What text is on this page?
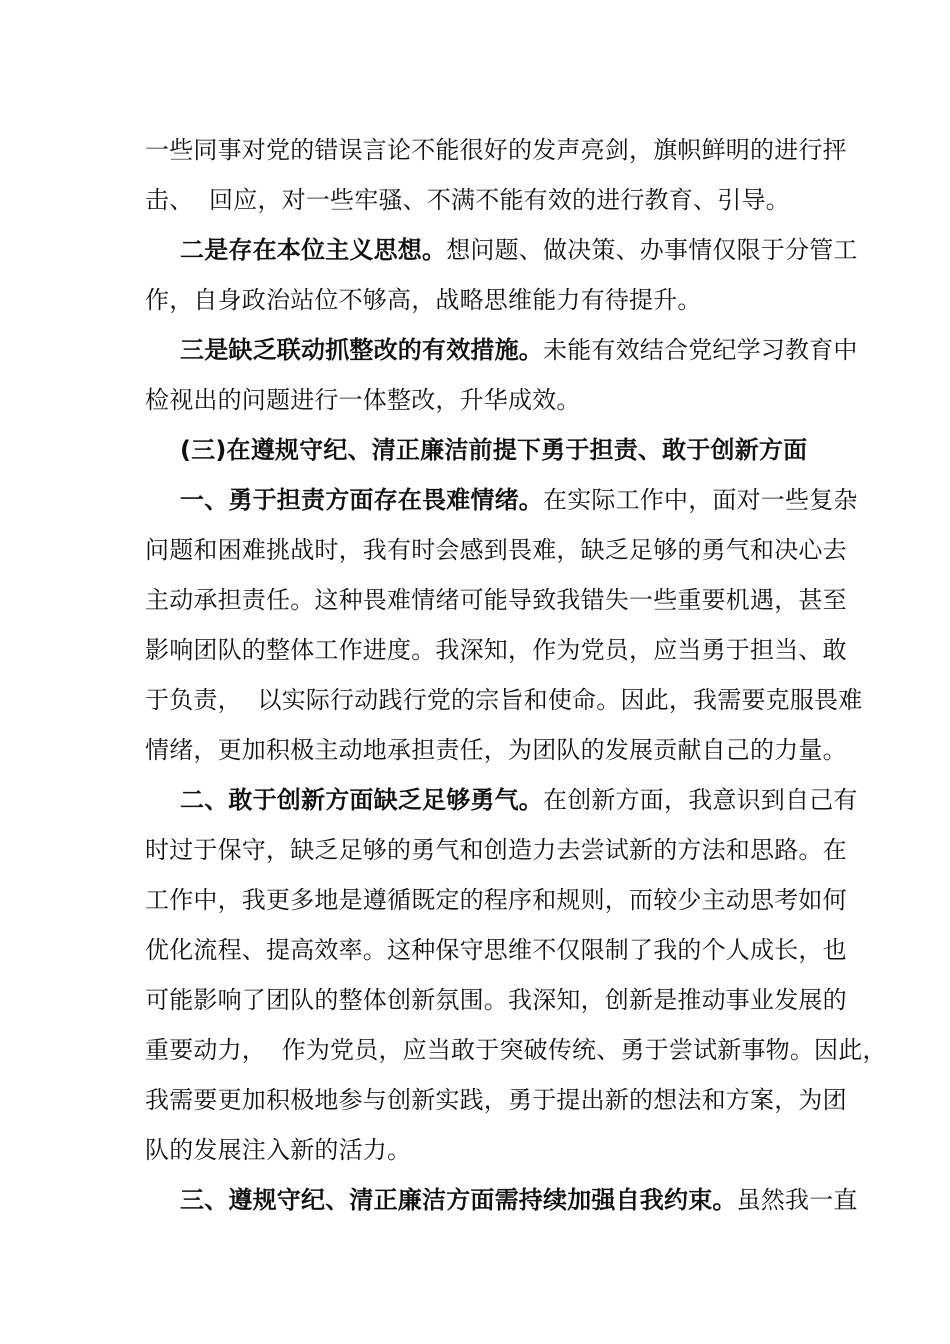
一些同事对党的错误言论不能很好的发声亮剑，旗帜鲜明的进行抨
击、  回应，对一些牢骚、不满不能有效的进行教育、引导。
二是存在本位主义思想。想问题、做决策、办事情仅限于分管工
作，自身政治站位不够高，战略思维能力有待提升。
三是缺乏联动抓整改的有效措施。未能有效结合党纪学习教育中
检视出的问题进行一体整改，升华成效。
(三)在遵规守纪、清正廉洁前提下勇于担责、敢于创新方面
一、勇于担责方面存在畏难情绪。在实际工作中，面对一些复杂
问题和困难挑战时，我有时会感到畏难，缺乏足够的勇气和决心去
主动承担责任。这种畏难情绪可能导致我错失一些重要机遇，甚至
影响团队的整体工作进度。我深知，作为党员，应当勇于担当、敢
于负责，  以实际行动践行党的宗旨和使命。因此，我需要克服畏难
情绪，更加积极主动地承担责任，为团队的发展贡献自己的力量。
二、敢于创新方面缺乏足够勇气。在创新方面，我意识到自己有
时过于保守，缺乏足够的勇气和创造力去尝试新的方法和思路。在
工作中，我更多地是遵循既定的程序和规则，而较少主动思考如何
优化流程、提高效率。这种保守思维不仅限制了我的个人成长，也
可能影响了团队的整体创新氛围。我深知，创新是推动事业发展的
重要动力，  作为党员，应当敢于突破传统、勇于尝试新事物。因此，
我需要更加积极地参与创新实践，勇于提出新的想法和方案，为团
队的发展注入新的活力。
三、遵规守纪、清正廉洁方面需持续加强自我约束。虽然我一直
